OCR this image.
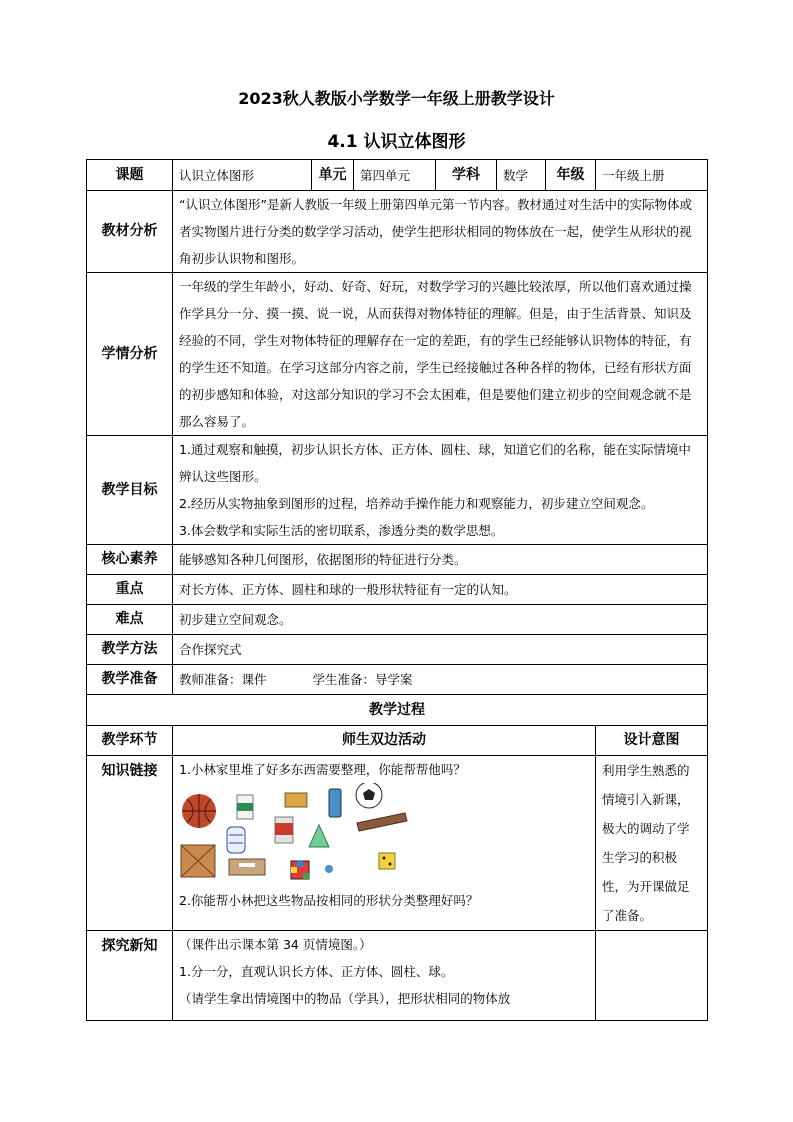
2023秋人教版小学数学一年级上册教学设计
4.1 认识立体图形
课题	认识立体图形	单元	第四单元	学科	数学	年级	一年级上册
教材分析	“认识立体图形”是新人教版一年级上册第四单元第一节内容。教材通过对生活中的实际物体或者实物图片进行分类的数学学习活动，使学生把形状相同的物体放在一起，使学生从形状的视角初步认识物和图形。						
学情分析	一年级的学生年龄小，好动、好奇、好玩，对数学学习的兴趣比较浓厚，所以他们喜欢通过操作学具分一分、摸一摸、说一说，从而获得对物体特征的理解。但是，由于生活背景、知识及经验的不同，学生对物体特征的理解存在一定的差距，有的学生已经能够认识物体的特征，有的学生还不知道。在学习这部分内容之前，学生已经接触过各种各样的物体，已经有形状方面的初步感知和体验，对这部分知识的学习不会太困难，但是要他们建立初步的空间观念就不是那么容易了。						
教学目标	1.通过观察和触摸，初步认识长方体、正方体、圆柱、球，知道它们的名称，能在实际情境中辨认这些图形。
2.经历从实物抽象到图形的过程，培养动手操作能力和观察能力，初步建立空间观念。
3.体会数学和实际生活的密切联系，渗透分类的数学思想。						

核心素养	能够感知各种几何图形，依据图形的特征进行分类。						
重点	对长方体、正方体、圆柱和球的一般形状特征有一定的认知。						
难点	初步建立空间观念。						
教学方法	合作探究式						
教学准备	教师准备：课件 学生准备：导学案						
教学过程							
教学环节	师生双边活动						设计意图
知识链接	1.小林家里堆了好多东西需要整理，你能帮帮他吗？
2.你能帮小林把这些物品按相同的形状分类整理好吗？						利用学生熟悉的情境引入新课，极大的调动了学生学习的积极性，为开课做足了准备。
探究新知	（课件出示课本第 34 页情境图。）
1.分一分，直观认识长方体、正方体、圆柱、球。
（请学生拿出情境图中的物品（学具），把形状相同的物体放						
